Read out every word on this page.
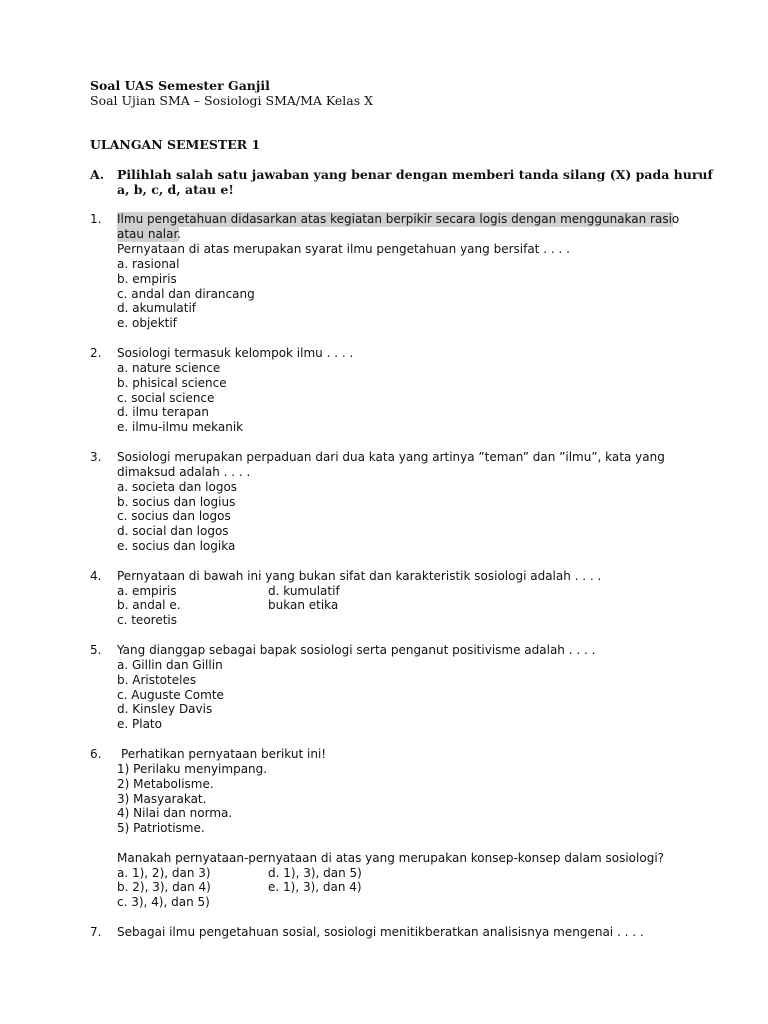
Soal UAS Semester Ganjil
Soal Ujian SMA – Sosiologi SMA/MA Kelas X
ULANGAN SEMESTER 1
A. Pilihlah salah satu jawaban yang benar dengan memberi tanda silang (X) pada huruf
a, b, c, d, atau e!
1. Ilmu pengetahuan didasarkan atas kegiatan berpikir secara logis dengan menggunakan rasio
atau nalar.
Pernyataan di atas merupakan syarat ilmu pengetahuan yang bersifat . . . .
a. rasional
b. empiris
c. andal dan dirancang
d. akumulatif
e. objektif
2. Sosiologi termasuk kelompok ilmu . . . .
a. nature science
b. phisical science
c. social science
d. ilmu terapan
e. ilmu-ilmu mekanik
3. Sosiologi merupakan perpaduan dari dua kata yang artinya ”teman” dan ”ilmu”, kata yang
dimaksud adalah . . . .
a. societa dan logos
b. socius dan logius
c. socius dan logos
d. social dan logos
e. socius dan logika
4. Pernyataan di bawah ini yang bukan sifat dan karakteristik sosiologi adalah . . . .
a. empiris	d. kumulatif
b. andal e.	bukan etika
c. teoretis
5. Yang dianggap sebagai bapak sosiologi serta penganut positivisme adalah . . . .
a. Gillin dan Gillin
b. Aristoteles
c. Auguste Comte
d. Kinsley Davis
e. Plato
6. Perhatikan pernyataan berikut ini!
1) Perilaku menyimpang.
2) Metabolisme.
3) Masyarakat.
4) Nilai dan norma.
5) Patriotisme.
Manakah pernyataan-pernyataan di atas yang merupakan konsep-konsep dalam sosiologi?
a. 1), 2), dan 3)	d. 1), 3), dan 5)
b. 2), 3), dan 4)	e. 1), 3), dan 4)
c. 3), 4), dan 5)
7. Sebagai ilmu pengetahuan sosial, sosiologi menitikberatkan analisisnya mengenai . . . .
